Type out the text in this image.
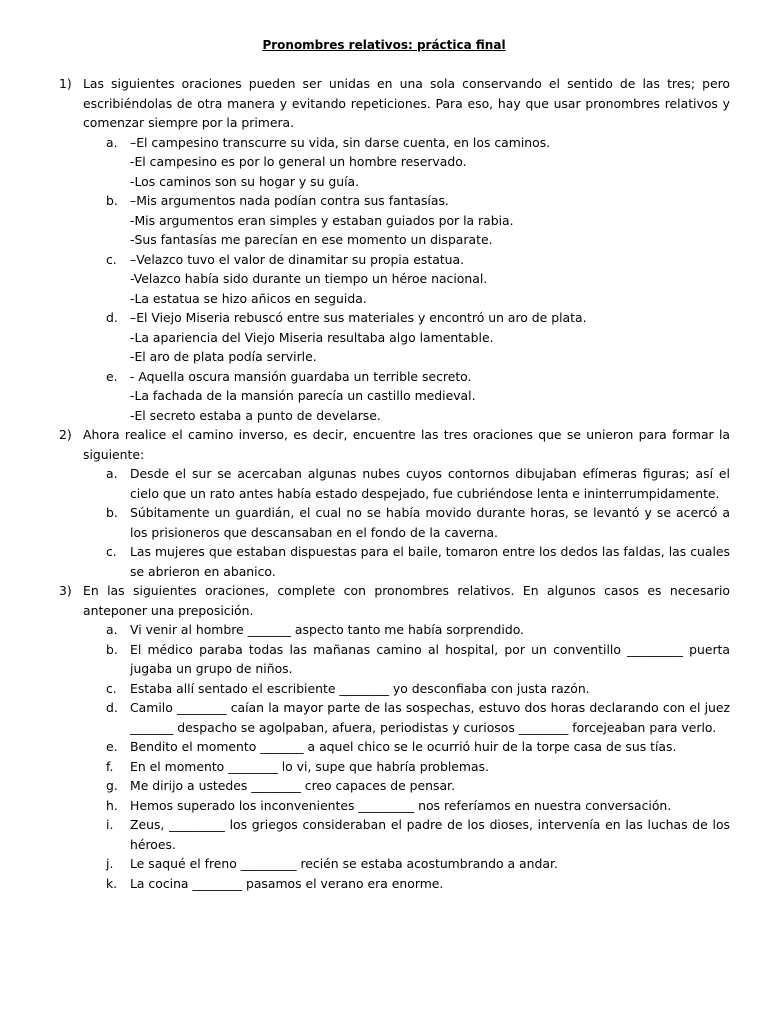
Pronombres relativos: práctica final
1) Las siguientes oraciones pueden ser unidas en una sola conservando el sentido de las tres; pero escribiéndolas de otra manera y evitando repeticiones. Para eso, hay que usar pronombres relativos y comenzar siempre por la primera.
a. –El campesino transcurre su vida, sin darse cuenta, en los caminos.
-El campesino es por lo general un hombre reservado.
-Los caminos son su hogar y su guía.
b. –Mis argumentos nada podían contra sus fantasías.
-Mis argumentos eran simples y estaban guiados por la rabia.
-Sus fantasías me parecían en ese momento un disparate.
c. –Velazco tuvo el valor de dinamitar su propia estatua.
-Velazco había sido durante un tiempo un héroe nacional.
-La estatua se hizo añicos en seguida.
d. –El Viejo Miseria rebuscó entre sus materiales y encontró un aro de plata.
-La apariencia del Viejo Miseria resultaba algo lamentable.
-El aro de plata podía servirle.
e. - Aquella oscura mansión guardaba un terrible secreto.
-La fachada de la mansión parecía un castillo medieval.
-El secreto estaba a punto de develarse.
2) Ahora realice el camino inverso, es decir, encuentre las tres oraciones que se unieron para formar la siguiente:
a. Desde el sur se acercaban algunas nubes cuyos contornos dibujaban efímeras figuras; así el cielo que un rato antes había estado despejado, fue cubriéndose lenta e ininterrumpidamente.
b. Súbitamente un guardián, el cual no se había movido durante horas, se levantó y se acercó a los prisioneros que descansaban en el fondo de la caverna.
c. Las mujeres que estaban dispuestas para el baile, tomaron entre los dedos las faldas, las cuales se abrieron en abanico.
3) En las siguientes oraciones, complete con pronombres relativos. En algunos casos es necesario anteponer una preposición.
a. Vi venir al hombre _______ aspecto tanto me había sorprendido.
b. El médico paraba todas las mañanas camino al hospital, por un conventillo _________ puerta jugaba un grupo de niños.
c. Estaba allí sentado el escribiente ________ yo desconfiaba con justa razón.
d. Camilo ________ caían la mayor parte de las sospechas, estuvo dos horas declarando con el juez _______ despacho se agolpaban, afuera, periodistas y curiosos ________ forcejeaban para verlo.
e. Bendito el momento _______ a aquel chico se le ocurrió huir de la torpe casa de sus tías.
f. En el momento ________ lo vi, supe que habría problemas.
g. Me dirijo a ustedes ________ creo capaces de pensar.
h. Hemos superado los inconvenientes _________ nos referíamos en nuestra conversación.
i. Zeus, _________ los griegos consideraban el padre de los dioses, intervenía en las luchas de los héroes.
j. Le saqué el freno _________ recién se estaba acostumbrando a andar.
k. La cocina ________ pasamos el verano era enorme.
